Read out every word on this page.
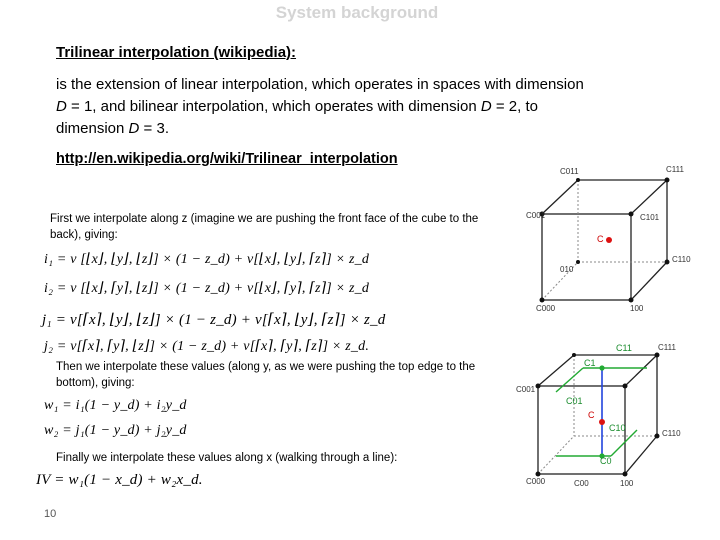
System background
Trilinear interpolation (wikipedia):
is the extension of linear interpolation, which operates in spaces with dimension
D = 1, and bilinear interpolation, which operates with dimension D = 2, to
dimension D = 3.
http://en.wikipedia.org/wiki/Trilinear_interpolation
First we interpolate along z (imagine we are pushing the front face of the cube to the back), giving:
i₁ = v [⌊x⌋, ⌊y⌋, ⌊z⌋] × (1 − z_d) + v[⌊x⌋, ⌊y⌋, ⌈z⌉] × z_d
i₂ = v [⌊x⌋, ⌈y⌉, ⌊z⌋] × (1 − z_d) + v[⌊x⌋, ⌈y⌉, ⌈z⌉] × z_d
j₁ = v[⌈x⌉, ⌊y⌋, ⌊z⌋] × (1 − z_d) + v[⌈x⌉, ⌊y⌋, ⌈z⌉] × z_d
j₂ = v[⌈x⌉, ⌈y⌉, ⌊z⌋] × (1 − z_d) + v[⌈x⌉, ⌈y⌉, ⌈z⌉] × z_d.
Then we interpolate these values (along y, as we were pushing the top edge to the bottom), giving:
w₁ = i₁(1 − y_d) + i₂y_d
w₂ = j₁(1 − y_d) + j₂y_d
Finally we interpolate these values along x (walking through a line):
IV = w₁(1 − x_d) + w₂x_d.
10
C011	C111
C001	C101
C
010
C110
C000	100
C11	C111
C1
C001
C01
C
C10
C110
C0
C000	C00	100
